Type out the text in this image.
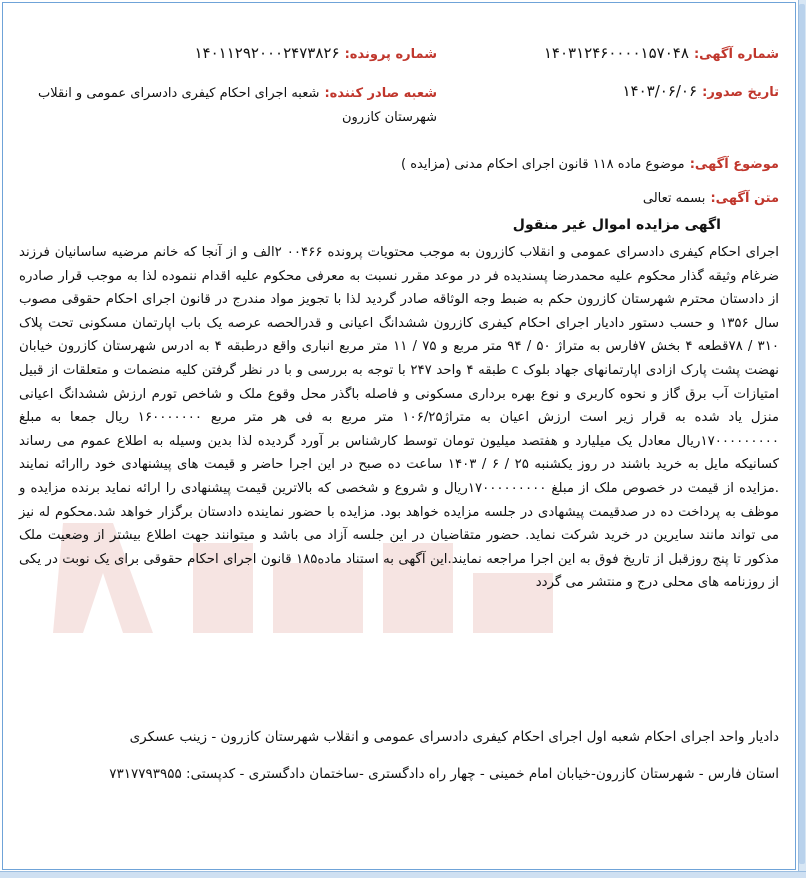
شماره آگهی: ۱۴۰۳۱۲۴۶۰۰۰۰۱۵۷۰۴۸
شماره پرونده: ۱۴۰۱۱۲۹۲۰۰۰۲۴۷۳۸۲۶
تاریخ صدور: ۱۴۰۳/۰۶/۰۶
شعبه صادر کننده: شعبه اجرای احکام کیفری دادسرای عمومی و انقلاب شهرستان کازرون
موضوع آگهی: موضوع ماده ۱۱۸ قانون اجرای احکام مدنی (مزایده )
متن آگهی: بسمه تعالی
اگهی مزایده اموال غیر منقول
اجرای احکام کیفری دادسرای عمومی و انقلاب کازرون به موجب محتویات پرونده ۰۰۴۶۶ ۲الف و از آنجا که خانم مرضیه ساسانیان فرزند ضرغام وثیقه گذار محکوم علیه محمدرضا پسندیده فر در موعد مقرر نسبت به معرفی محکوم علیه اقدام ننموده لذا به موجب قرار صادره از دادستان محترم شهرستان کازرون حکم به ضبط وجه الوثاقه صادر گردید لذا با تجویز مواد مندرج در قانون اجرای احکام حقوقی مصوب سال ۱۳۵۶ و حسب دستور دادیار اجرای احکام کیفری کازرون ششدانگ اعیانی و قدرالحصه عرصه یک باب اپارتمان مسکونی تحت پلاک ۳۱۰ / ۷۸قطعه ۴ بخش ۷فارس به متراژ ۵۰ / ۹۴ متر مربع و ۷۵ / ۱۱ متر مربع انباری واقع درطبقه ۴ به ادرس شهرستان کازرون خیابان نهضت پشت پارک ازادی اپارتمانهای جهاد بلوک c طبقه ۴ واحد ۲۴۷ با توجه به بررسی و با در نظر گرفتن کلیه منضمات و متعلقات از قبیل امتیازات آب برق گاز و نحوه کاربری و نوع بهره برداری مسکونی و فاصله باگذر محل وقوع ملک و شاخص تورم ارزش ششدانگ اعیانی منزل یاد شده به قرار زیر است ارزش اعیان به متراژ۱۰۶/۲۵ متر مربع به فی هر متر مربع ۱۶۰۰۰۰۰۰۰ ریال جمعا به مبلغ ۱۷۰۰۰۰۰۰۰۰۰ریال معادل یک میلیارد و هفتصد میلیون تومان توسط کارشناس بر آورد گردیده لذا بدین وسیله به اطلاع عموم می رساند کسانیکه مایل به خرید باشند در روز یکشنبه ۲۵ / ۶ / ۱۴۰۳ ساعت ده صبح در این اجرا حاضر و قیمت های پیشنهادی خود راارائه نمایند .مزایده از قیمت در خصوص ملک از مبلغ ۱۷۰۰۰۰۰۰۰۰۰ریال و شروع و شخصی که بالاترین قیمت پیشنهادی را ارائه نماید برنده مزایده و موظف به پرداخت ده در صدقیمت پیشهادی در جلسه مزایده خواهد بود. مزایده با حضور نماینده دادستان برگزار خواهد شد.محکوم له نیز می تواند مانند سایرین در خرید شرکت نماید. حضور متقاضیان در این جلسه آزاد می باشد و میتوانند جهت اطلاع بیشتر از وضعیت ملک مذکور تا پنج روزقبل از تاریخ فوق به این اجرا مراجعه نمایند.این آگهی به استناد ماده۱۸۵ قانون اجرای احکام حقوقی برای یک نوبت در یکی از روزنامه های محلی درج و منتشر می گردد
دادیار واحد اجرای احکام شعبه اول اجرای احکام کیفری دادسرای عمومی و انقلاب شهرستان کازرون - زینب عسکری
استان فارس - شهرستان کازرون-خیابان امام خمینی - چهار راه دادگستری -ساختمان دادگستری - کدپستی: ۷۳۱۷۷۹۳۹۵۵
